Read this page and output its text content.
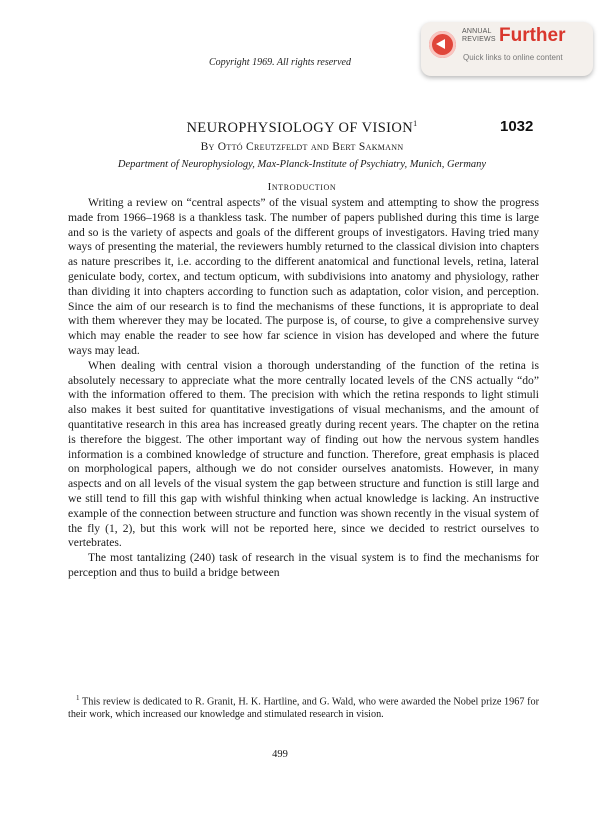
Copyright 1969. All rights reserved
ANNUAL
REVIEWS Further
Quick links to online content
1032
NEUROPHYSIOLOGY OF VISION$^1$
By Ottó Creutzfeldt and Bert Sakmann
Department of Neurophysiology, Max-Planck-Institute of Psychiatry, Munich, Germany
Introduction

Writing a review on “central aspects” of the visual system and attempting to show the progress made from 1966–1968 is a thankless task. The number of papers published during this time is large and so is the variety of aspects and goals of the different groups of investigators. Having tried many ways of presenting the material, the reviewers humbly returned to the classical division into chapters as nature prescribes it, i.e. according to the different anatomical and functional levels, retina, lateral geniculate body, cortex, and tectum opticum, with subdivisions into anatomy and physiology, rather than dividing it into chapters according to function such as adaptation, color vision, and perception. Since the aim of our research is to find the mechanisms of these functions, it is appropriate to deal with them wherever they may be located. The purpose is, of course, to give a comprehensive survey which may enable the reader to see how far science in vision has developed and where the future ways may lead.

When dealing with central vision a thorough understanding of the function of the retina is absolutely necessary to appreciate what the more centrally located levels of the CNS actually “do” with the information offered to them. The precision with which the retina responds to light stimuli also makes it best suited for quantitative investigations of visual mechanisms, and the amount of quantitative research in this area has increased greatly during recent years. The chapter on the retina is therefore the biggest. The other important way of finding out how the nervous system handles information is a combined knowledge of structure and function. Therefore, great emphasis is placed on morphological papers, although we do not consider ourselves anatomists. However, in many aspects and on all levels of the visual system the gap between structure and function is still large and we still tend to fill this gap with wishful thinking when actual knowledge is lacking. An instructive example of the connection between structure and function was shown recently in the visual system of the fly (1, 2), but this work will not be reported here, since we decided to restrict ourselves to vertebrates.

The most tantalizing (240) task of research in the visual system is to find the mechanisms for perception and thus to build a bridge between

$^1$ This review is dedicated to R. Granit, H. K. Hartline, and G. Wald, who were awarded the Nobel prize 1967 for their work, which increased our knowledge and stimulated research in vision.
499
